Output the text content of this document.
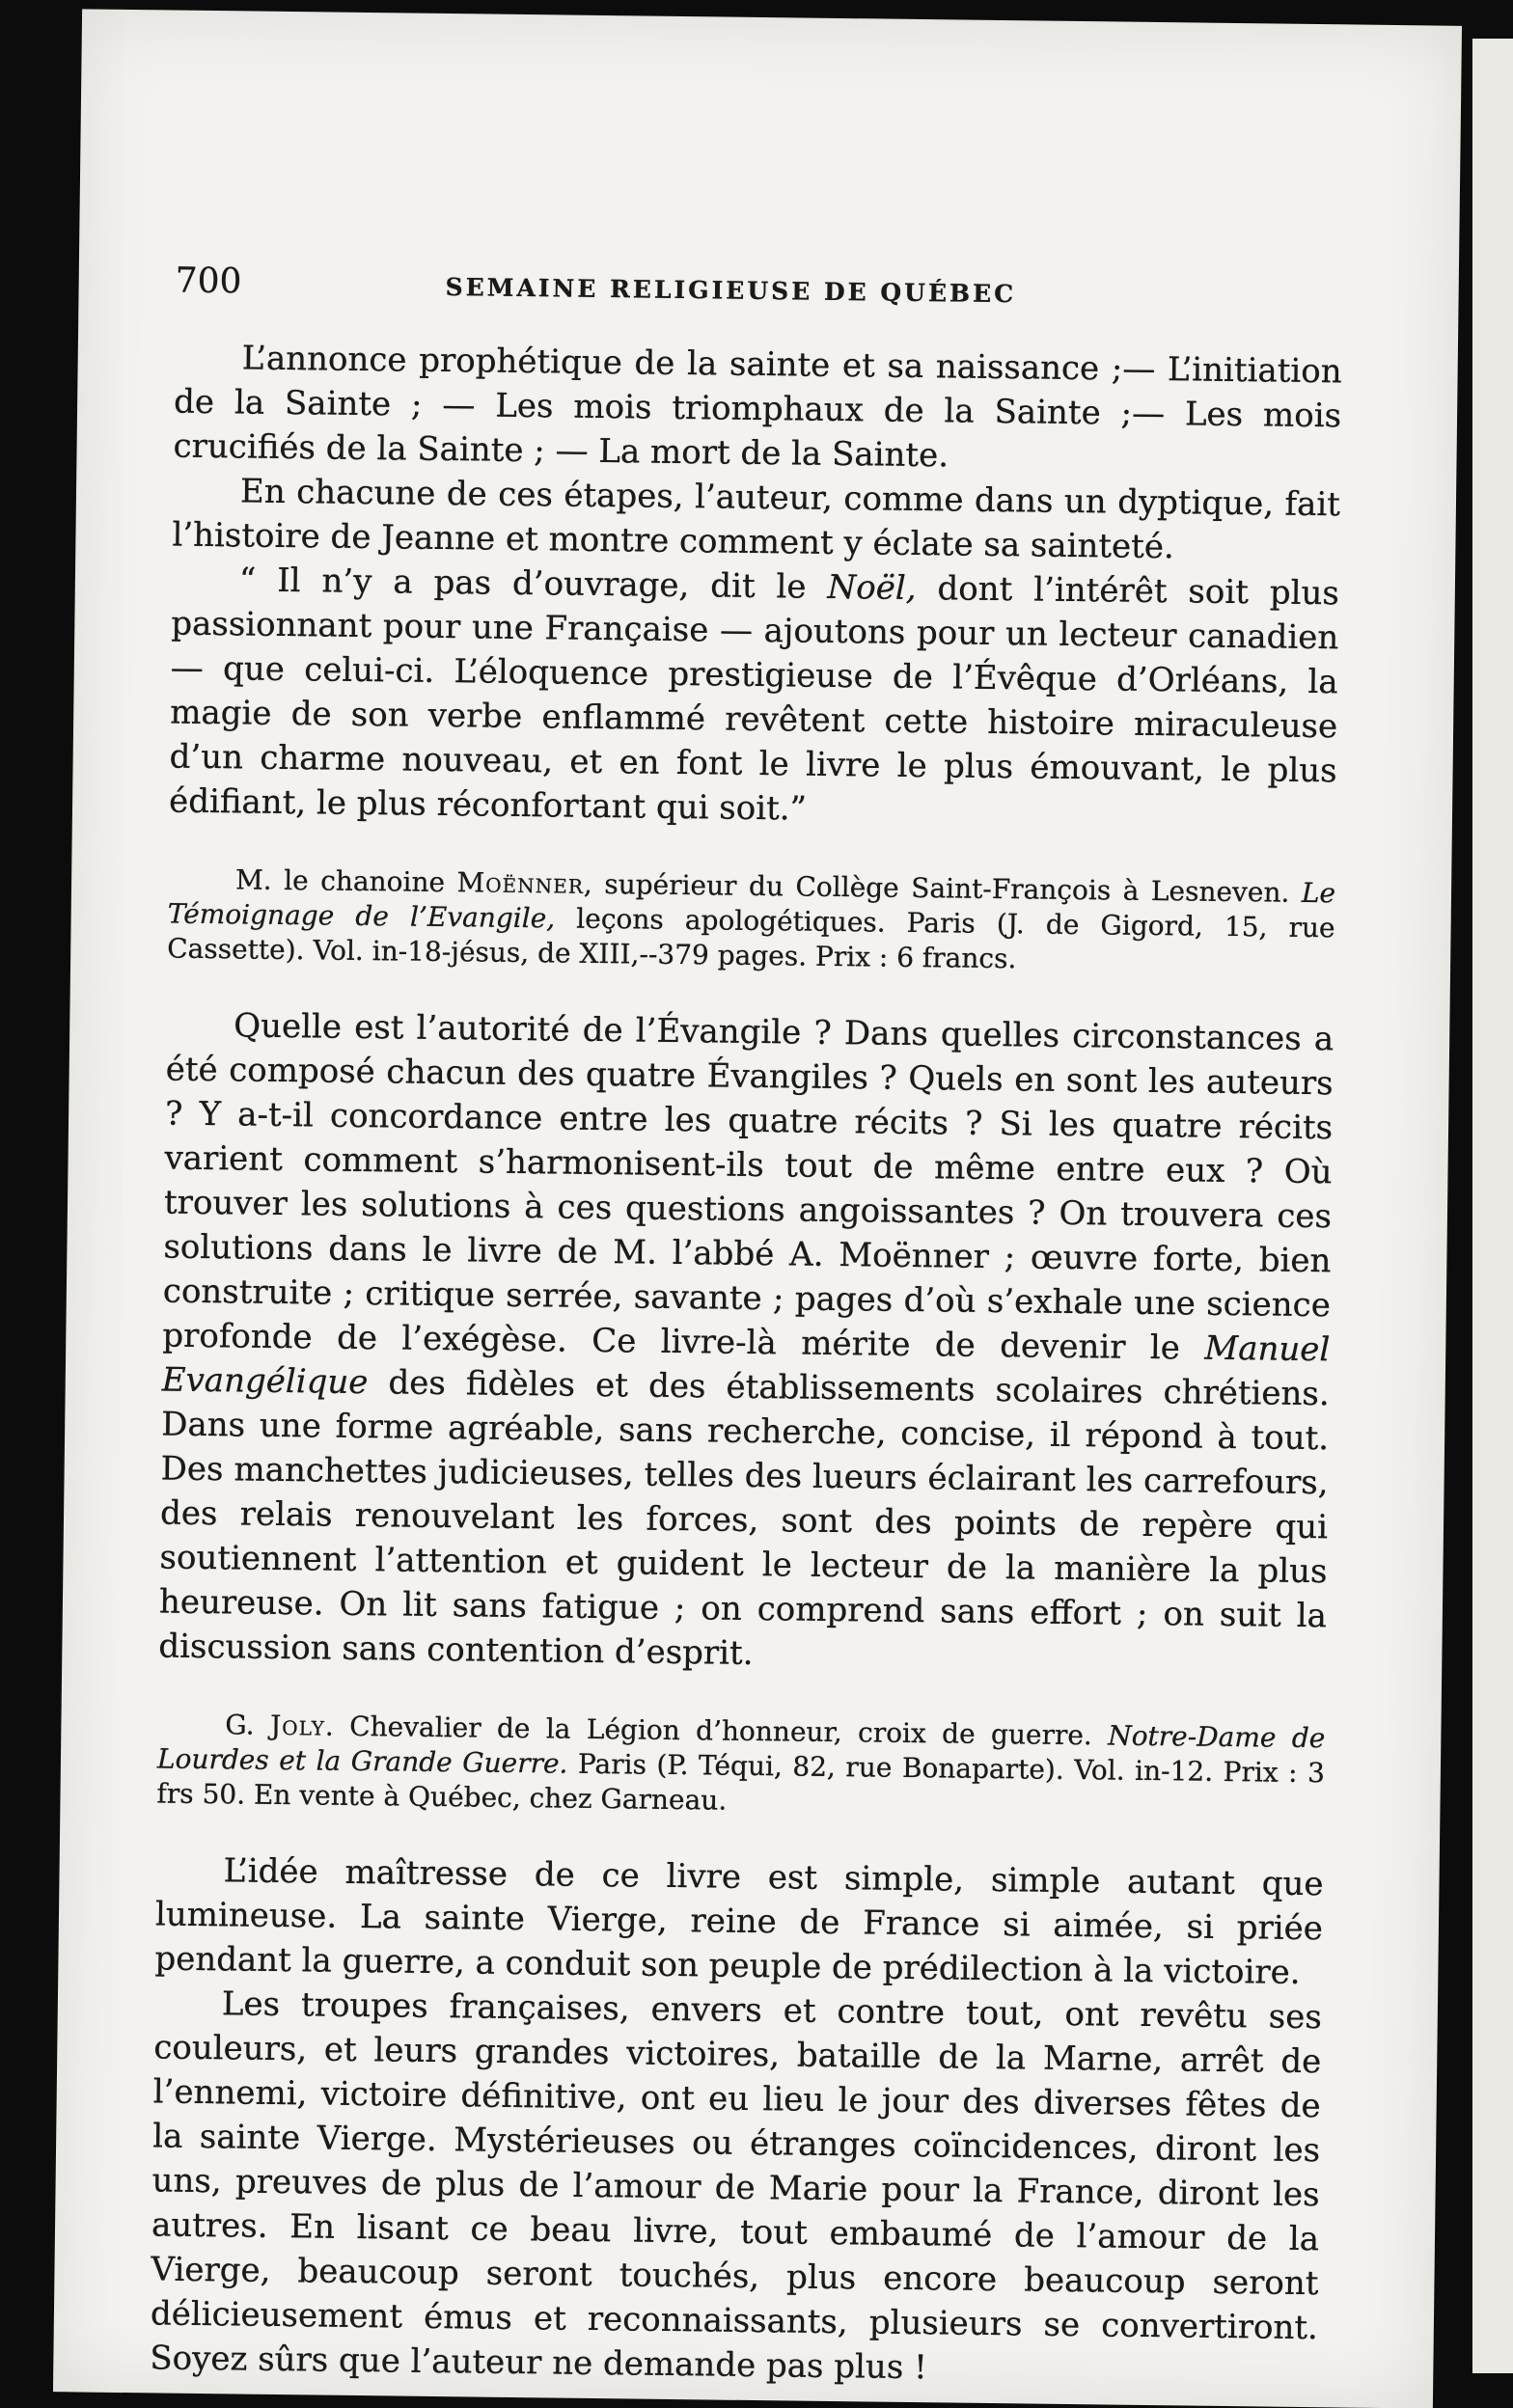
700	SEMAINE RELIGIEUSE DE QUÉBEC

L’annonce prophétique de la sainte et sa naissance ;— L’initiation de la Sainte ; — Les mois triomphaux de la Sainte ;— Les mois crucifiés de la Sainte ; — La mort de la Sainte.

En chacune de ces étapes, l’auteur, comme dans un dyptique, fait l’histoire de Jeanne et montre comment y éclate sa sainteté.

“ Il n’y a pas d’ouvrage, dit le Noël, dont l’intérêt soit plus passionnant pour une Française — ajoutons pour un lecteur canadien — que celui-ci. L’éloquence prestigieuse de l’Évêque d’Orléans, la magie de son verbe enflammé revêtent cette histoire miraculeuse d’un charme nouveau, et en font le livre le plus émouvant, le plus édifiant, le plus réconfortant qui soit.”

M. le chanoine Moënner, supérieur du Collège Saint-François à Lesneven. Le Témoignage de l’Evangile, leçons apologétiques. Paris (J. de Gigord, 15, rue Cassette). Vol. in-18-jésus, de XIII,--379 pages. Prix : 6 francs.

Quelle est l’autorité de l’Évangile ? Dans quelles circonstances a été composé chacun des quatre Évangiles ? Quels en sont les auteurs ? Y a-t-il concordance entre les quatre récits ? Si les quatre récits varient comment s’harmonisent-ils tout de même entre eux ? Où trouver les solutions à ces questions angoissantes ? On trouvera ces solutions dans le livre de M. l’abbé A. Moënner ; œuvre forte, bien construite ; critique serrée, savante ; pages d’où s’exhale une science profonde de l’exégèse. Ce livre-là mérite de devenir le Manuel Evangélique des fidèles et des établissements scolaires chrétiens. Dans une forme agréable, sans recherche, concise, il répond à tout. Des manchettes judicieuses, telles des lueurs éclairant les carrefours, des relais renouvelant les forces, sont des points de repère qui soutiennent l’attention et guident le lecteur de la manière la plus heureuse. On lit sans fatigue ; on comprend sans effort ; on suit la discussion sans contention d’esprit.

G. Joly. Chevalier de la Légion d’honneur, croix de guerre. Notre-Dame de Lourdes et la Grande Guerre. Paris (P. Téqui, 82, rue Bonaparte). Vol. in-12. Prix : 3 frs 50. En vente à Québec, chez Garneau.

L’idée maîtresse de ce livre est simple, simple autant que lumineuse. La sainte Vierge, reine de France si aimée, si priée pendant la guerre, a conduit son peuple de prédilection à la victoire.

Les troupes françaises, envers et contre tout, ont revêtu ses couleurs, et leurs grandes victoires, bataille de la Marne, arrêt de l’ennemi, victoire définitive, ont eu lieu le jour des diverses fêtes de la sainte Vierge. Mystérieuses ou étranges coïncidences, diront les uns, preuves de plus de l’amour de Marie pour la France, diront les autres. En lisant ce beau livre, tout embaumé de l’amour de la Vierge, beaucoup seront touchés, plus encore beaucoup seront délicieusement émus et reconnaissants, plusieurs se convertiront. Soyez sûrs que l’auteur ne demande pas plus !
